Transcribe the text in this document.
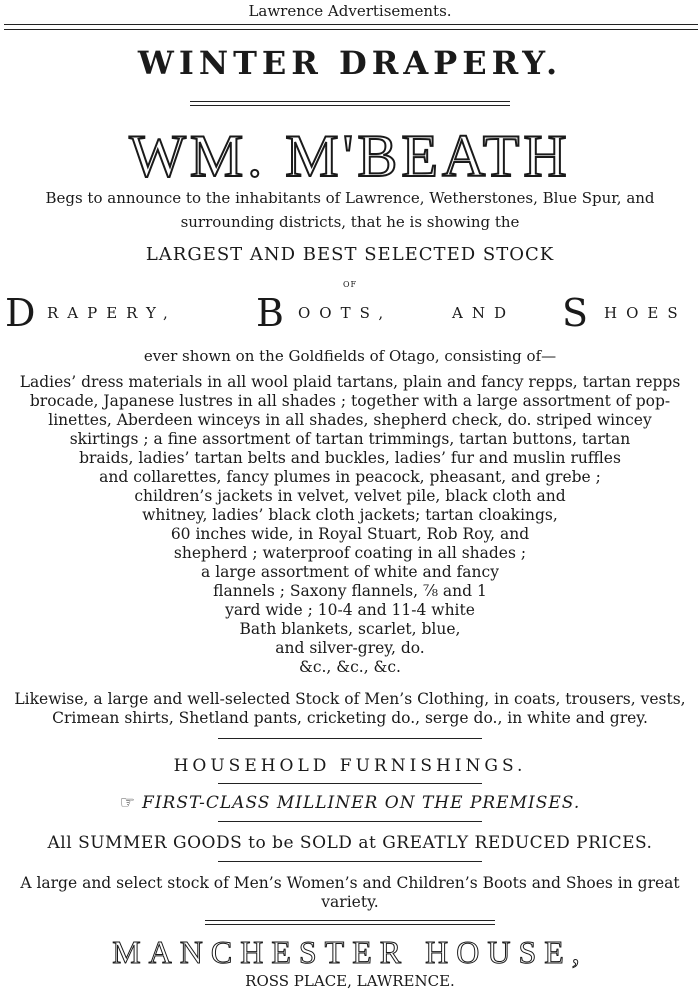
Lawrence Advertisements.
WINTER DRAPERY.
WM. M'BEATH
Begs to announce to the inhabitants of Lawrence, Wetherstones, Blue Spur, and
surrounding districts, that he is showing the
LARGEST AND BEST SELECTED STOCK
OF
D RAPERY, B OOTS,	AND S HOES
ever shown on the Goldfields of Otago, consisting of—
Ladies’ dress materials in all wool plaid tartans, plain and fancy repps, tartan repps
brocade, Japanese lustres in all shades ; together with a large assortment of pop-
linettes, Aberdeen winceys in all shades, shepherd check, do. striped wincey
skirtings ; a fine assortment of tartan trimmings, tartan buttons, tartan
braids, ladies’ tartan belts and buckles, ladies’ fur and muslin ruffles
and collarettes, fancy plumes in peacock, pheasant, and grebe ;
children’s jackets in velvet, velvet pile, black cloth and
whitney, ladies’ black cloth jackets; tartan cloakings,
60 inches wide, in Royal Stuart, Rob Roy, and
shepherd ; waterproof coating in all shades ;
a large assortment of white and fancy
flannels ; Saxony flannels, ⅞ and 1
yard wide ; 10-4 and 11-4 white
Bath blankets, scarlet, blue,
and silver-grey, do.
&c., &c., &c.
Likewise, a large and well-selected Stock of Men’s Clothing, in coats, trousers, vests,
Crimean shirts, Shetland pants, cricketing do., serge do., in white and grey.
HOUSEHOLD FURNISHINGS.
☞ FIRST-CLASS MILLINER ON THE PREMISES.
All SUMMER GOODS to be SOLD at GREATLY REDUCED PRICES.
A large and select stock of Men’s Women’s and Children’s Boots and Shoes in great
variety.
MANCHESTER HOUSE,
ROSS PLACE, LAWRENCE.
